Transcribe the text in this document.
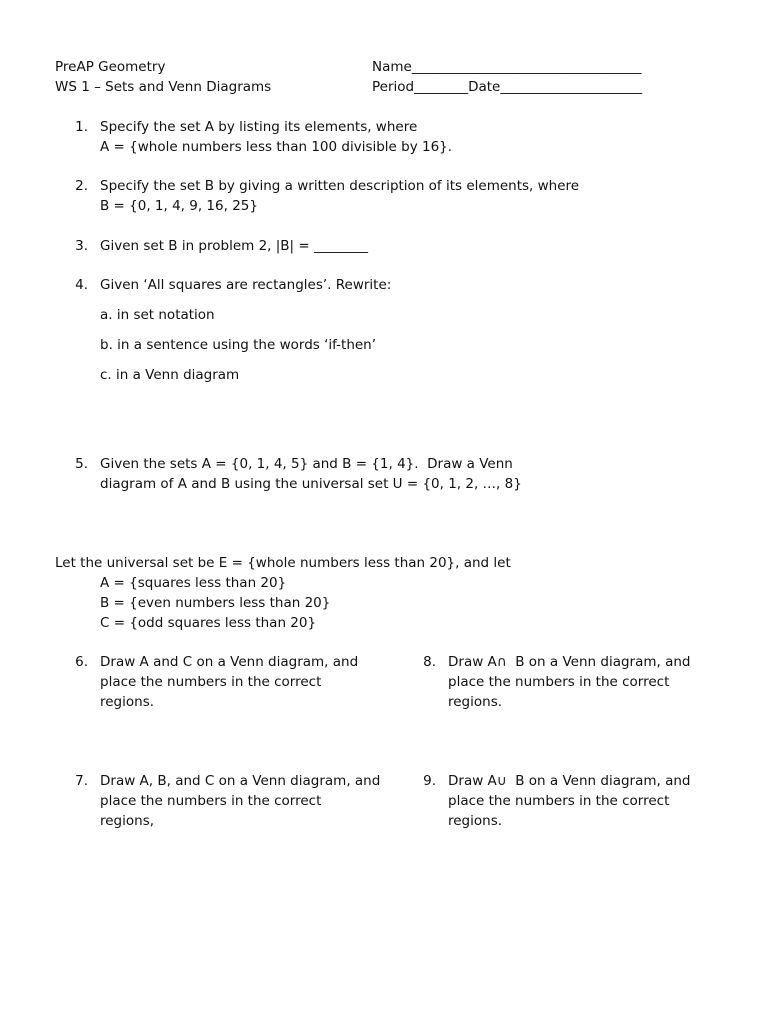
PreAP Geometry
WS 1 – Sets and Venn Diagrams
Name__________________________________
Period________Date_____________________
1. Specify the set A by listing its elements, where
A = {whole numbers less than 100 divisible by 16}.
2. Specify the set B by giving a written description of its elements, where
B = {0, 1, 4, 9, 16, 25}
3. Given set B in problem 2, |B| = ________
4. Given ‘All squares are rectangles’. Rewrite:
a. in set notation
b. in a sentence using the words ‘if-then’
c. in a Venn diagram
5. Given the sets A = {0, 1, 4, 5} and B = {1, 4}.  Draw a Venn
diagram of A and B using the universal set U = {0, 1, 2, …, 8}
Let the universal set be E = {whole numbers less than 20}, and let
A = {squares less than 20}
B = {even numbers less than 20}
C = {odd squares less than 20}
6. Draw A and C on a Venn diagram, and
place the numbers in the correct
regions.
8. Draw A∩  B on a Venn diagram, and
place the numbers in the correct
regions.
7. Draw A, B, and C on a Venn diagram, and
place the numbers in the correct
regions,
9. Draw A∪  B on a Venn diagram, and
place the numbers in the correct
regions.
